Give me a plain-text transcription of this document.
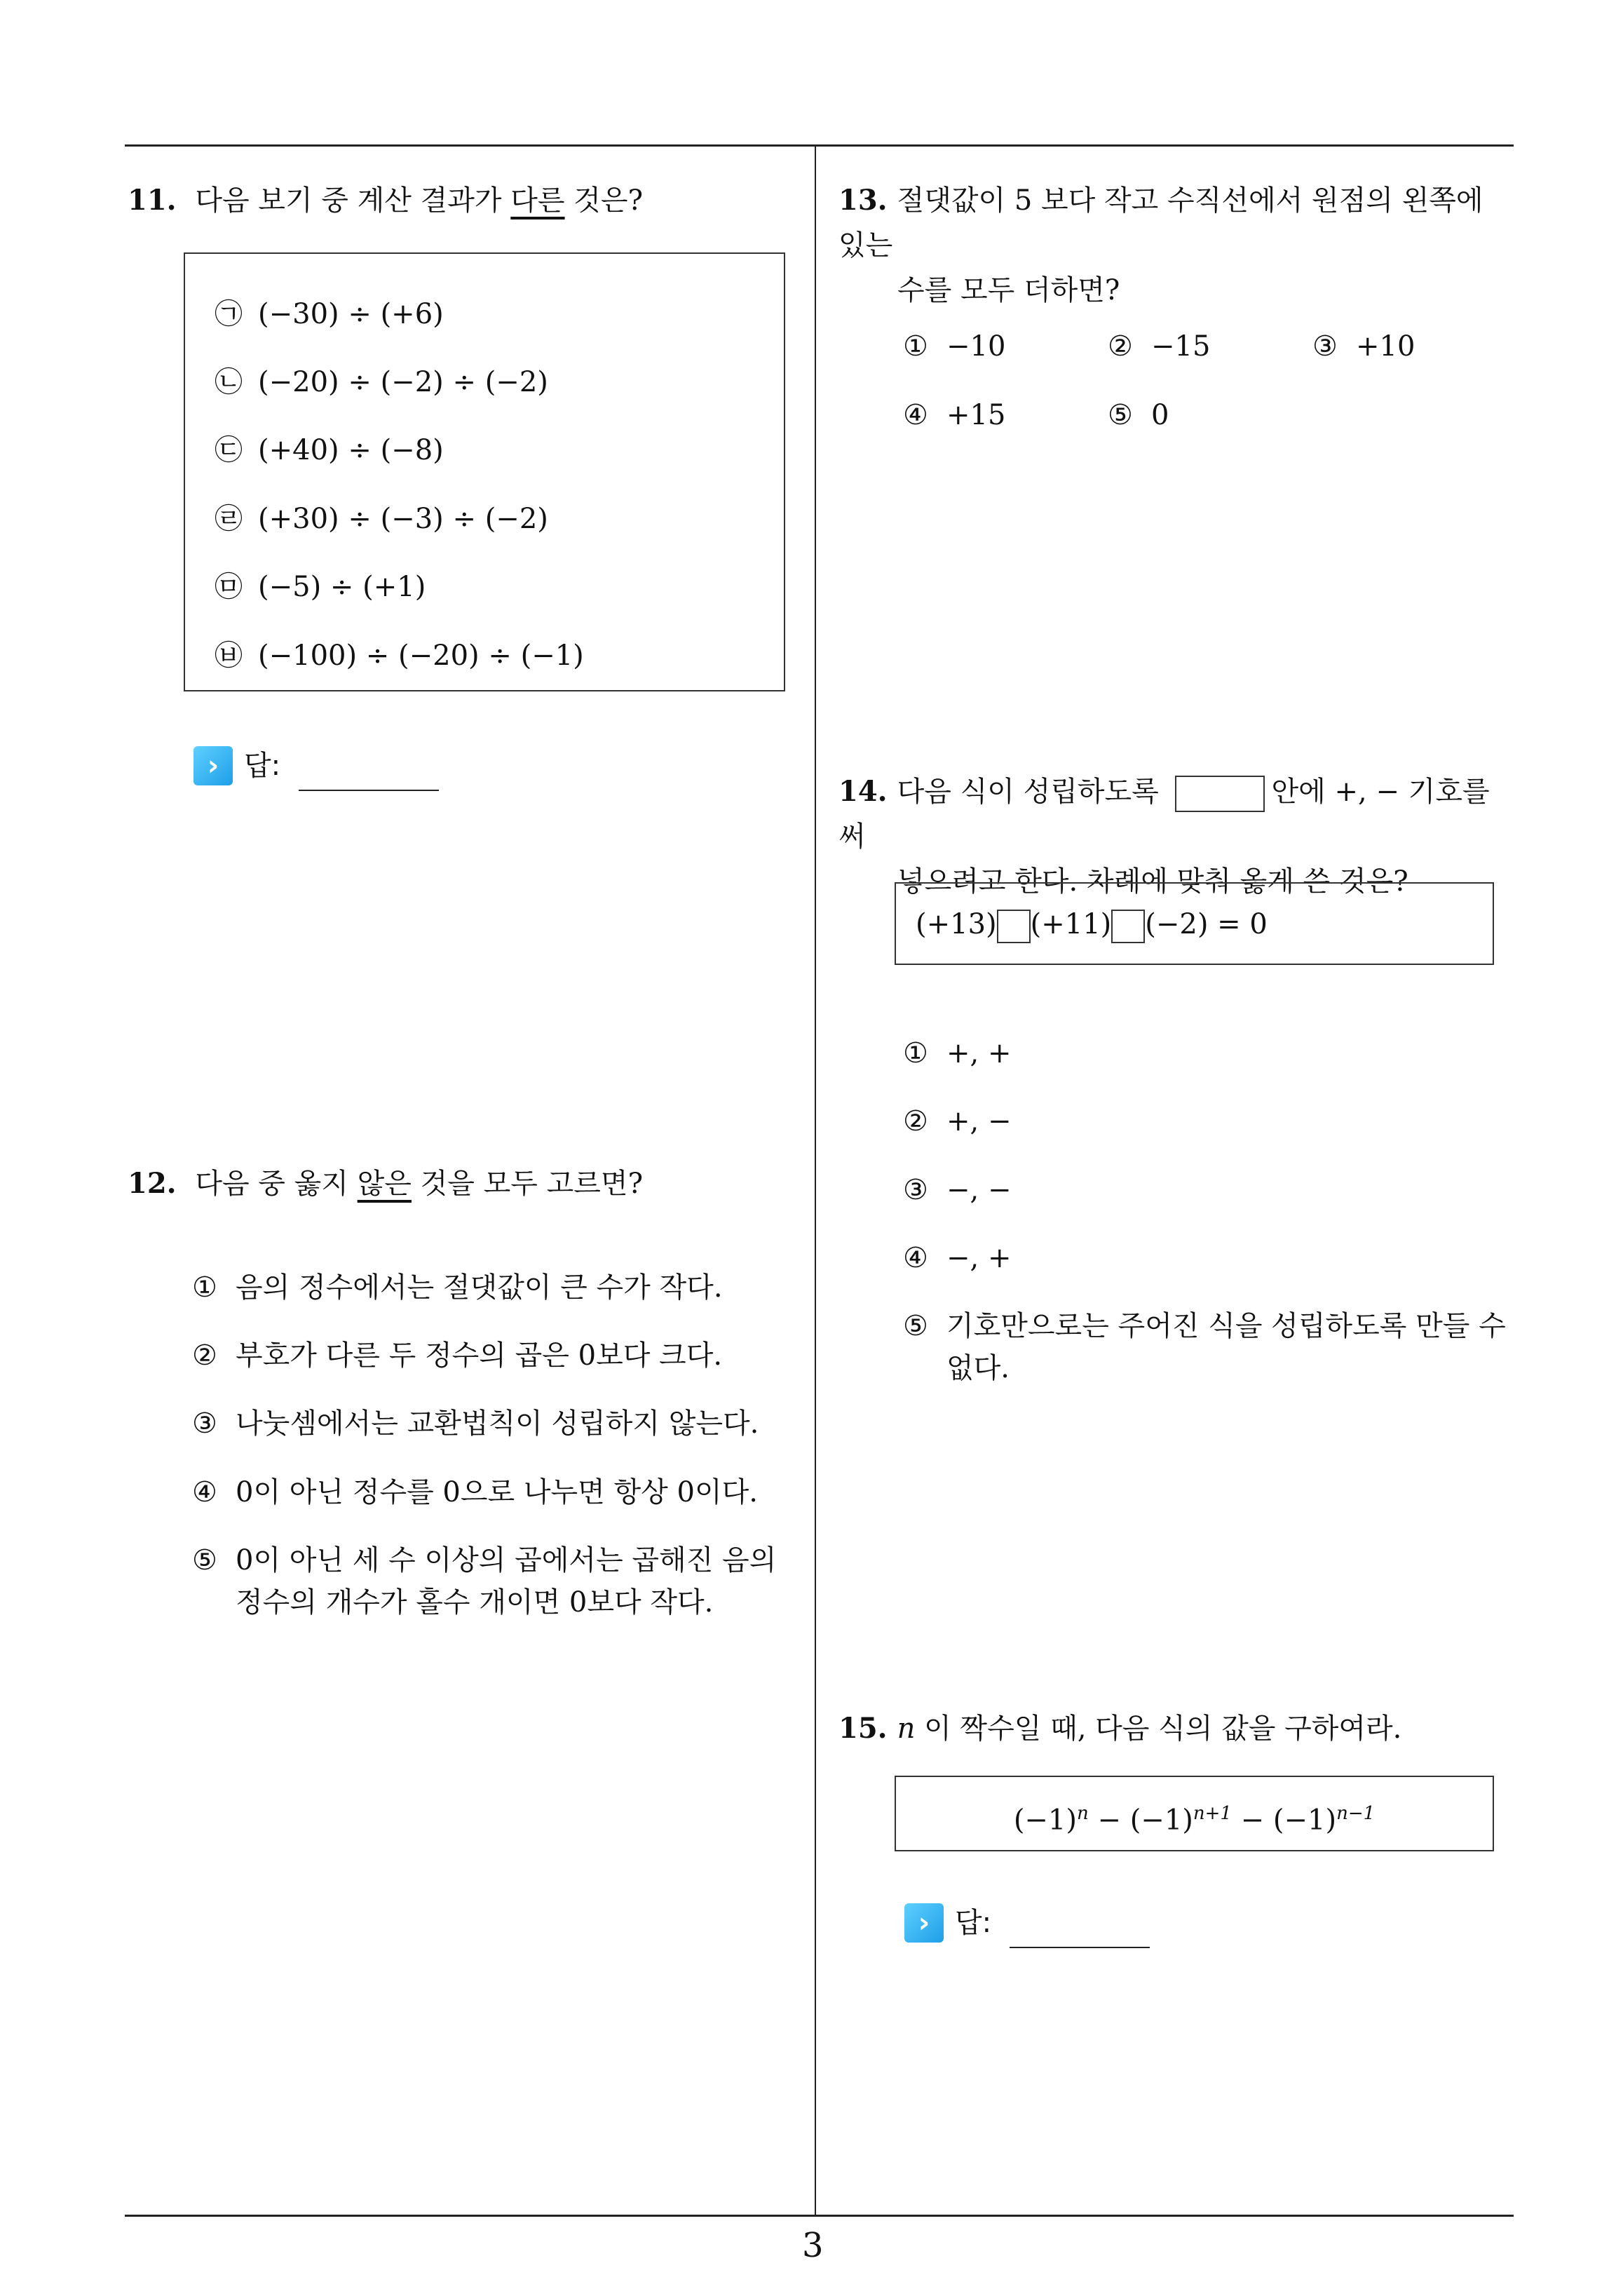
11. 다음 보기 중 계산 결과가 다른 것은?
㉠ (−30) ÷ (+6)
㉡ (−20) ÷ (−2) ÷ (−2)
㉢ (+40) ÷ (−8)
㉣ (+30) ÷ (−3) ÷ (−2)
㉤ (−5) ÷ (+1)
㉥ (−100) ÷ (−20) ÷ (−1)
› 답:
12. 다음 중 옳지 않은 것을 모두 고르면?
① 음의 정수에서는 절댓값이 큰 수가 작다.
② 부호가 다른 두 정수의 곱은 0보다 크다.
③ 나눗셈에서는 교환법칙이 성립하지 않는다.
④ 0이 아닌 정수를 0으로 나누면 항상 0이다.
⑤ 0이 아닌 세 수 이상의 곱에서는 곱해진 음의
정수의 개수가 홀수 개이면 0보다 작다.
13. 절댓값이 5 보다 작고 수직선에서 원점의 왼쪽에 있는
수를 모두 더하면?
① −10	② −15	③ +10
④ +15	⑤ 0
14. 다음 식이 성립하도록	안에 +, − 기호를 써
넣으려고 한다. 차례에 맞춰 옳게 쓴 것은?
(+13) (+11) (−2) = 0
① +, +
② +, −
③ −, −
④ −, +
⑤ 기호만으로는 주어진 식을 성립하도록 만들 수
없다.
15. n 이 짝수일 때, 다음 식의 값을 구하여라.
$(-1)^n - (-1)^{n+1} - (-1)^{n-1}$
› 답:
3
